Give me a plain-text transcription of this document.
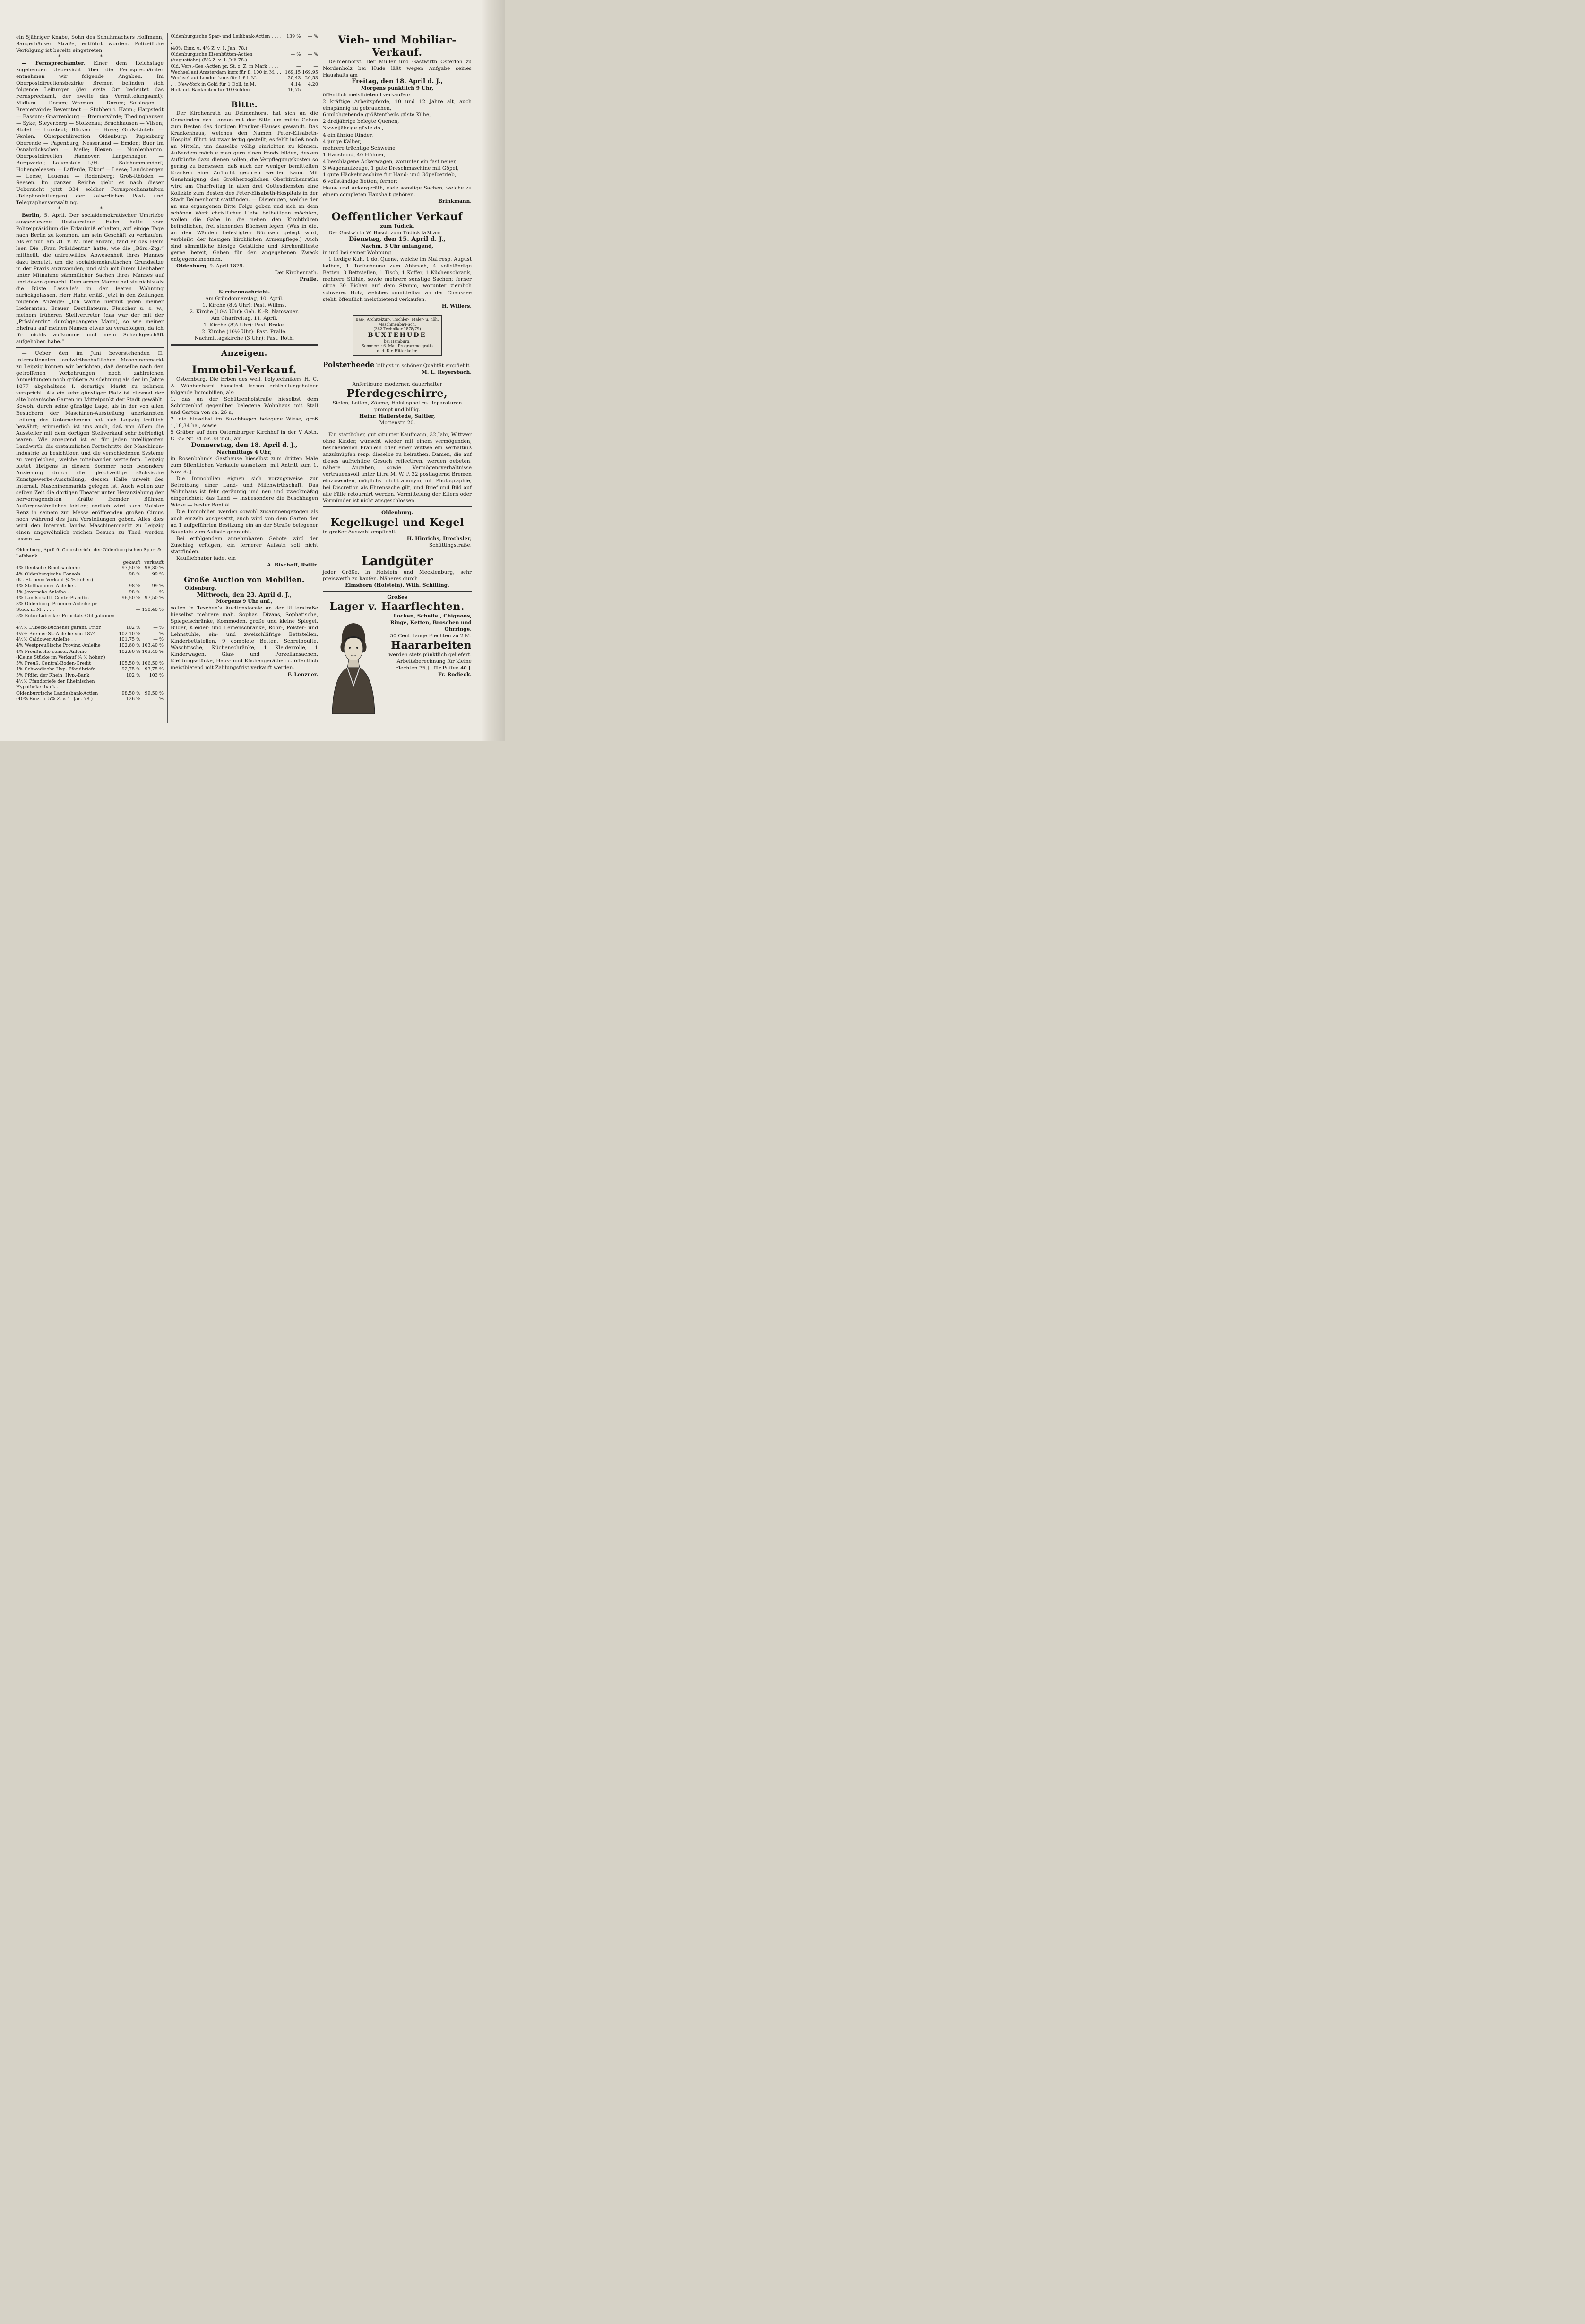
ein 5jähriger Knabe, Sohn des Schuhmachers Hoffmann, Sangerhäuser Straße, entführt worden. Polizeiliche Verfolgung ist bereits eingetreten.

* *

— Fernsprechämter. Einer dem Reichstage zugehenden Uebersicht über die Fernsprechämter entnehmen wir folgende Angaben. Im Oberpostdirectionsbezirke Bremen befinden sich folgende Leitungen (der erste Ort bedeutet das Fernsprechamt, der zweite das Vermittelungsamt): Midlum — Dorum; Wremen — Dorum; Selsingen — Bremervörde; Beverstedt — Stubben i. Hann.; Harpstedt — Bassum; Gnarrenburg — Bremervörde; Thedinghausen — Syke; Steyerberg — Stolzenau; Bruchhausen — Vilsen; Stotel — Loxstedt; Bücken — Hoya; Groß-Linteln — Verden. Oberpostdirection Oldenburg: Papenburg Oberende — Papenburg; Nesserland — Emden; Buer im Osnabrückschen — Melle; Blexen — Nordenhamm. Oberpostdirection Hannover: Langenhagen — Burgwedel; Lauenstein i./H. — Salzhemmendorf; Hohengeleesen — Lafferde; Eikorf — Leese; Landsbergen — Leese; Lauenau — Rodenberg; Groß-Rhüden — Seesen. Im ganzen Reiche giebt es nach dieser Uebersicht jetzt 334 solcher Fernsprechanstalten (Telephonleitungen) der kaiserlichen Post- und Telegraphenverwaltung.

* *

Berlin, 5. April. Der socialdemokratischer Umtriebe ausgewiesene Restaurateur Hahn hatte vom Polizeipräsidium die Erlaubniß erhalten, auf einige Tage nach Berlin zu kommen, um sein Geschäft zu verkaufen. Als er nun am 31. v. M. hier ankam, fand er das Heim leer. Die „Frau Präsidentin“ hatte, wie die „Börs.-Ztg.“ mittheilt, die unfreiwillige Abwesenheit ihres Mannes dazu benutzt, um die socialdemokratischen Grundsätze in der Praxis anzuwenden, und sich mit ihrem Liebhaber unter Mitnahme sämmtlicher Sachen ihres Mannes auf und davon gemacht. Dem armen Manne hat sie nichts als die Büste Lassalle’s in der leeren Wohnung zurückgelassen. Herr Hahn erläßt jetzt in den Zeitungen folgende Anzeige: „Ich warne hiermit jeden meiner Lieferanten, Brauer, Destillateure, Fleischer u. s. w., meinem früheren Stellvertreter (das war der mit der „Präsidentin“ durchgegangene Mann), so wie meiner Ehefrau auf meinen Namen etwas zu verabfolgen, da ich für nichts aufkomme und mein Schankgeschäft aufgehoben habe.“

— Ueber den im Juni bevorstehenden II. Internationalen landwirthschaftlichen Maschinenmarkt zu Leipzig können wir berichten, daß derselbe nach den getroffenen Vorkehrungen noch zahlreichen Anmeldungen noch größere Ausdehnung als der im Jahre 1877 abgehaltene I. derartige Markt zu nehmen verspricht. Als ein sehr günstiger Platz ist diesmal der alte botanische Garten im Mittelpunkt der Stadt gewählt. Sowohl durch seine günstige Lage, als in der von allen Besuchern der Maschinen-Ausstellung anerkannten Leitung des Unternehmens hat sich Leipzig trefflich bewährt; erinnerlich ist uns auch, daß von Allem die Aussteller mit dem dortigen Stellverkauf sehr befriedigt waren. Wie anregend ist es für jeden intelligenten Landwirth, die erstaunlichen Fortschritte der Maschinen-Industrie zu besichtigen und die verschiedenen Systeme zu vergleichen, welche miteinander wetteifern. Leipzig bietet übrigens in diesem Sommer noch besondere Anziehung durch die gleichzeitige sächsische Kunstgewerbe-Ausstellung, dessen Halle unweit des Internat. Maschinenmarkts gelegen ist. Auch wollen zur selben Zeit die dortigen Theater unter Heranziehung der hervorragendsten Kräfte fremder Bühnen Außergewöhnliches leisten; endlich wird auch Meister Renz in seinem zur Messe eröffnenden großen Circus noch während des Juni Vorstellungen geben. Alles dies wird den Internat. landw. Maschinenmarkt zu Leipzig einen ungewöhnlich reichen Besuch zu Theil werden lassen. —

Oldenburg, April 9. Coursbericht der Oldenburgischen Spar- & Leihbank.
	gekauft	verkauft
4% Deutsche Reichsanleihe . .	97,50 %	98,30 %
4% Oldenburgische Consols . .	98 %	99 %
(Kl. St. beim Verkauf ¼ % höher.)		
4% Stollhammer Anleihe . .	98 %	99 %
4% Jeversche Anleihe . .	98 %	— %
4% Landschaftl. Centr.-Pfandbr.	96,50 %	97,50 %
3% Oldenburg. Prämien-Anleihe pr		
Stück in M. . . . .	—	150,40 %
5% Eutin-Lübecker Prioritäts-Obligationen . .		
4½% Lübeck-Büchener garant. Prior.	102 %	— %
4½% Bremer St.-Anleihe von 1874	102,10 %	— %
4½% Caldower Anleihe . .	101,75 %	— %
4% Westpreußische Provinz.-Anleihe	102,60 %	103,40 %
4% Preußische consol. Anleihe	102,60 %	103,40 %
(Kleine Stücke im Verkauf ¼ % höher.)		
5% Preuß. Central-Boden-Credit	105,50 %	106,50 %
4% Schwedische Hyp.-Pfandbriefe	92,75 %	93,75 %
5% Pfdbr. der Rhein. Hyp.-Bank	102 %	103 %
4½% Pfandbriefe der Rheinischen Hypothekenbank . .		
Oldenburgische Landesbank-Actien	98,50 %	99,50 %
(40% Einz. u. 5% Z. v. 1. Jan. 78.)	126 %	— %
Oldenburgische Spar- und Leihbank-Actien . . . . .	139 %	— %
(40% Einz. u. 4% Z. v. 1. Jan. 78.)		
Oldenburgische Eisenhütten-Actien (Augustfehn) (5% Z. v. 1. Juli 78.)	— %	— %
Old. Vers.-Ges.-Actien pr. St. o. Z. in Mark . . . .	—	—
Wechsel auf Amsterdam kurz für fl. 100 in M. . .	169,15	169,95
Wechsel auf London kurz für 1 £ i. M.	20,43	20,53
„ „ New-York in Gold für 1 Doll. in M.	4,14	4,20
Holländ. Banknoten für 10 Gulden	16,75	—
Bitte.

Der Kirchenrath zu Delmenhorst hat sich an die Gemeinden des Landes mit der Bitte um milde Gaben zum Besten des dortigen Kranken-Hauses gewandt. Das Krankenhaus, welches den Namen Peter-Elisabeth-Hospital führt, ist zwar fertig gestellt; es fehlt indeß noch an Mitteln, um dasselbe völlig einrichten zu können. Außerdem möchte man gern einen Fonds bilden, dessen Aufkünfte dazu dienen sollen, die Verpflegungskosten so gering zu bemessen, daß auch der weniger bemittelten Kranken eine Zuflucht geboten werden kann. Mit Genehmigung des Großherzoglichen Oberkirchenraths wird am Charfreitag in allen drei Gottesdiensten eine Kollekte zum Besten des Peter-Elisabeth-Hospitals in der Stadt Delmenhorst stattfinden. — Diejenigen, welche der an uns ergangenen Bitte Folge geben und sich an dem schönen Werk christlicher Liebe betheiligen möchten, wollen die Gabe in die neben den Kirchthüren befindlichen, frei stehenden Büchsen legen. (Was in die, an den Wänden befestigten Büchsen gelegt wird, verbleibt der hiesigen kirchlichen Armenpflege.) Auch sind sämmtliche hiesige Geistliche und Kirchenälteste gerne bereit, Gaben für den angegebenen Zweck entgegenzunehmen.

Oldenburg, 9. April 1879.

Der Kirchenrath.

Pralle.

Kirchennachricht.

Am Gründonnerstag, 10. April.

1. Kirche (8½ Uhr): Past. Willms.

2. Kirche (10½ Uhr): Geh. K.-R. Namsauer.

Am Charfreitag, 11. April.

1. Kirche (8½ Uhr): Past. Brake.

2. Kirche (10½ Uhr): Past. Pralle.

Nachmittagskirche (3 Uhr): Past. Roth.

Anzeigen.
Immobil-Verkauf.

Osternburg. Die Erben des weil. Polytechnikers H. C. A. Wübbenhorst hieselbst lassen erbtheilungshalber folgende Immobilien, als:

1. das an der Schützenhofstraße hieselbst dem Schützenhof gegenüber belegene Wohnhaus mit Stall und Garten von ca. 26 a,

2. die hieselbst im Buschhagen belegene Wiese, groß 1,18,34 ha., sowie

5 Gräber auf dem Osternburger Kirchhof in der V Abth. C. ⁵⁄₁₀ Nr. 34 bis 38 incl., am

Donnerstag, den 18. April d. J.,

Nachmittags 4 Uhr,

in Rosenbohm’s Gasthause hieselbst zum dritten Male zum öffentlichen Verkaufe aussetzen, mit Antritt zum 1. Nov. d. J.

Die Immobilien eignen sich vorzugsweise zur Betreibung einer Land- und Milchwirthschaft. Das Wohnhaus ist fehr geräumig und neu und zweckmäßig eingerichtet; das Land — insbesondere die Buschhagen Wiese — bester Bonität.

Die Immobilien werden sowohl zusammengezogen als auch einzeln ausgesetzt, auch wird von dem Garten der ad 1 aufgeführten Besitzung ein an der Straße belegener Bauplatz zum Aufsatz gebracht.

Bei erfolgendem annehmbaren Gebote wird der Zuschlag erfolgen, ein fernerer Aufsatz soll nicht stattfinden.

Kaufliebhaber ladet ein

A. Bischoff, Rstllr.

Große Auction von Mobilien.

Oldenburg.

Mittwoch, den 23. April d. J.,

Morgens 9 Uhr anf.,

sollen in Teschen’s Auctionslocale an der Ritterstraße hieselbst mehrere mah. Sophas, Divans, Sophatische, Spiegelschränke, Kommoden, große und kleine Spiegel, Bilder, Kleider- und Leinenschränke, Rohr-, Polster- und Lehnstühle, ein- und zweischläfrige Bettstellen, Kinderbettstellen, 9 complete Betten, Schreibpulte, Waschtische, Küchenschränke, 1 Kleiderrolle, 1 Kinderwagen, Glas- und Porzellansachen, Kleidungsstücke, Haus- und Küchengeräthe rc. öffentlich meistbietend mit Zahlungsfrist verkauft werden.

F. Lenzner.

Vieh- und Mobiliar-Verkauf.

Delmenhorst. Der Müller und Gastwirth Osterloh zu Nordenholz bei Hude läßt wegen Aufgabe seines Haushalts am

Freitag, den 18. April d. J.,

Morgens pünktlich 9 Uhr,

öffentlich meistbietend verkaufen:

2 kräftige Arbeitspferde, 10 und 12 Jahre alt, auch einspännig zu gebrauchen,

6 milchgebende größtentheils güste Kühe,

2 dreijährige belegte Quenen,

3 zweijährige güste do.,

4 einjährige Rinder,

4 junge Kälber,

mehrere trächtige Schweine,

1 Haushund, 40 Hühner,

4 beschlagene Ackerwagen, worunter ein fast neuer,

3 Wagenaufzeuge, 1 gute Dreschmaschine mit Göpel,

1 gute Häckelmaschine für Hand- und Göpelbetrieb,

6 vollständige Betten; ferner:

Haus- und Ackergeräth, viele sonstige Sachen, welche zu einem completen Haushalt gehören.

Brinkmann.

Oeffentlicher Verkauf

zum Tüdick.

Der Gastwirth W. Busch zum Tüdick läßt am

Dienstag, den 15. April d. J.,

Nachm. 3 Uhr anfangend,

in und bei seiner Wohnung

1 tiedige Kuh, 1 do. Quene, welche im Mai resp. August kalben, 1 Torfscheune zum Abbruch, 4 vollständige Betten, 3 Bettstellen, 1 Tisch, 1 Koffer, 1 Küchenschrank, mehrere Stühle, sowie mehrere sonstige Sachen; ferner circa 30 Eichen auf dem Stamm, worunter ziemlich schweres Holz, welches unmittelbar an der Chaussee steht, öffentlich meistbietend verkaufen.

H. Willers.

Bau-, Architektur-, Tischler-, Maler- u. höh. Maschinenbau-Sch.
(362 Techniker 1878/79)
BUXTEHUDE
bei Hamburg.
Sommers.: 6. Mai. Programme gratis
d. d. Dir. Hittenkofer.

Polsterheede billigst in schöner Qualität empfiehlt

M. L. Reyersbach.

Anfertigung moderner, dauerhafter

Pferdegeschirre,

Sielen, Leiten, Zäume, Halskoppel rc. Reparaturen prompt und billig.

Heinr. Hallerstede, Sattler,

Mottenstr. 20.

Ein stattlicher, gut situirter Kaufmann, 32 Jahr, Wittwer ohne Kinder, wünscht wieder mit einem vermögenden, bescheidenen Fräulein oder einer Wittwe ein Verhältniß anzuknüpfen resp. dieselbe zu heirathen. Damen, die auf dieses aufrichtige Gesuch reflectiren, werden gebeten, nähere Angaben, sowie Vermögensverhältnisse vertrauensvoll unter Litra M. W. P. 32 postlagernd Bremen einzusenden, möglichst nicht anonym, mit Photographie, bei Discretion als Ehrensache gilt, und Brief und Bild auf alle Fälle retournirt werden. Vermittelung der Eltern oder Vormünder ist nicht ausgeschlossen.

Oldenburg.

Kegelkugel und Kegel

in großer Auswahl empfiehlt

H. Hinrichs, Drechsler,

Schüttingstraße.

Landgüter

jeder Größe, in Holstein und Mecklenburg, sehr preiswerth zu kaufen. Näheres durch

Elmshorn (Holstein). Wilh. Schilling.

Großes

Lager v. Haarflechten.

Locken, Scheitel, Chignons, Ringe, Ketten, Broschen und Ohrringe.

50 Cent. lange Flechten zu 2 M.

Haararbeiten

werden stets pünktlich geliefert.

Arbeitsberechnung für kleine Flechten 75 J., für Puffen 40 J.

Fr. Rodieck.
